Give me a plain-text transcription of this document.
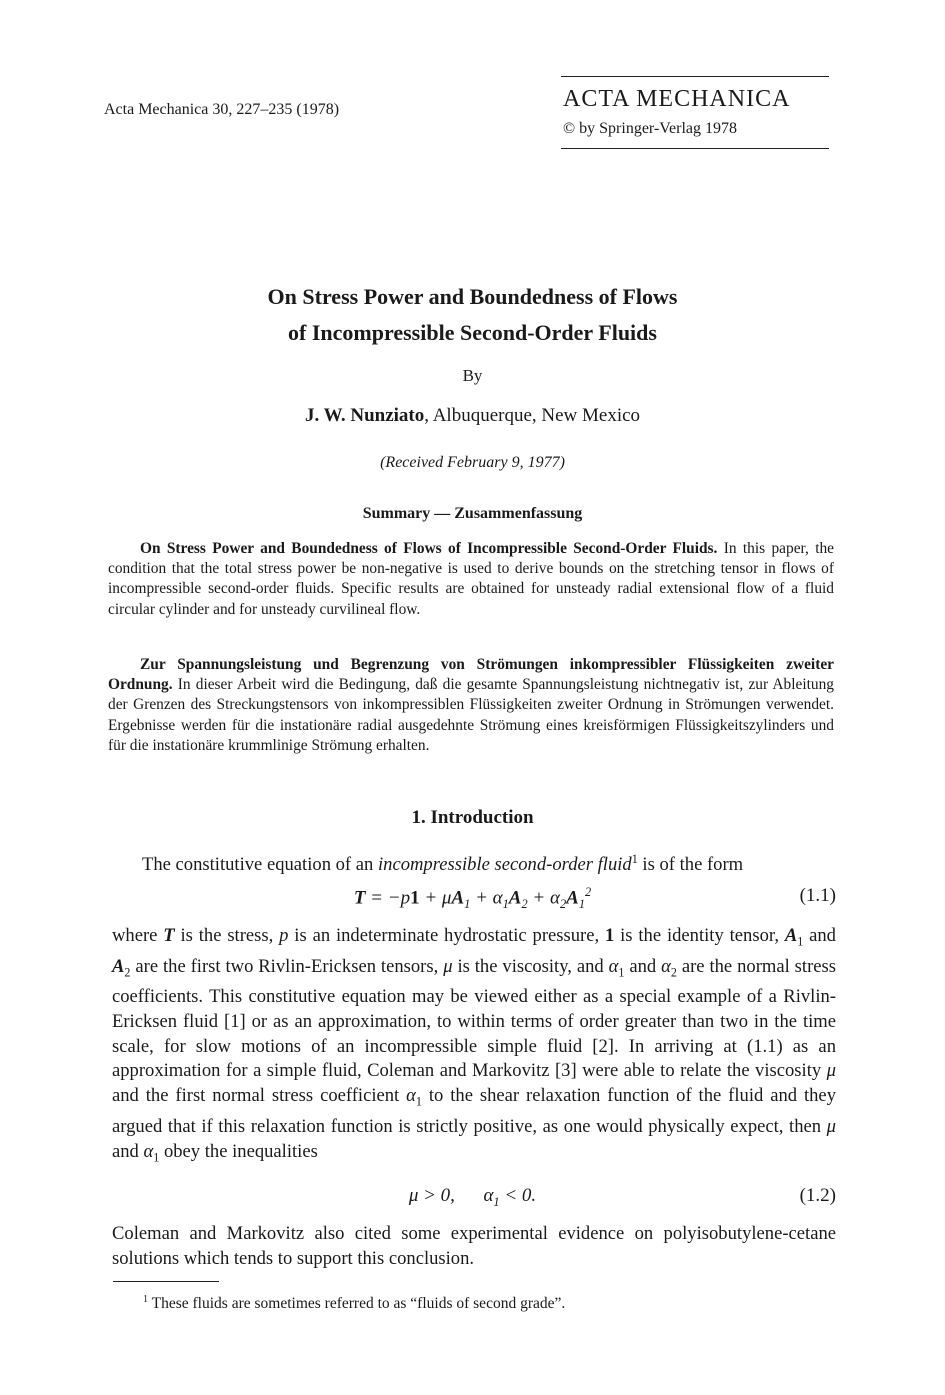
Acta Mechanica 30, 227–235 (1978)	ACTA MECHANICA
© by Springer-Verlag 1978
On Stress Power and Boundedness of Flows
of Incompressible Second-Order Fluids
By
J. W. Nunziato, Albuquerque, New Mexico
(Received February 9, 1977)
Summary — Zusammenfassung

On Stress Power and Boundedness of Flows of Incompressible Second-Order Fluids. In this paper, the condition that the total stress power be non-negative is used to derive bounds on the stretching tensor in flows of incompressible second-order fluids. Specific results are obtained for unsteady radial extensional flow of a fluid circular cylinder and for unsteady curvilineal flow.

Zur Spannungsleistung und Begrenzung von Strömungen inkompressibler Flüssigkeiten zweiter Ordnung. In dieser Arbeit wird die Bedingung, daß die gesamte Spannungsleistung nichtnegativ ist, zur Ableitung der Grenzen des Streckungstensors von inkompressiblen Flüssigkeiten zweiter Ordnung in Strömungen verwendet. Ergebnisse werden für die instationäre radial ausgedehnte Strömung eines kreisförmigen Flüssigkeitszylinders und für die instationäre krummlinige Strömung erhalten.

1. Introduction

The constitutive equation of an incompressible second-order fluid$^1$ is of the form

$T = -p1 + \mu A_1 + \alpha_1A_2 + \alpha_2A_1^2$	(1.1)

where T is the stress, p is an indeterminate hydrostatic pressure, 1 is the identity tensor, $A_1$ and $A_2$ are the first two Rivlin-Ericksen tensors, μ is the viscosity, and $\alpha_1$ and $\alpha_2$ are the normal stress coefficients. This constitutive equation may be viewed either as a special example of a Rivlin-Ericksen fluid [1] or as an approximation, to within terms of order greater than two in the time scale, for slow motions of an incompressible simple fluid [2]. In arriving at (1.1) as an approximation for a simple fluid, Coleman and Markovitz [3] were able to relate the viscosity μ and the first normal stress coefficient $\alpha_1$ to the shear relaxation function of the fluid and they argued that if this relaxation function is strictly positive, as one would physically expect, then μ and $\alpha_1$ obey the inequalities

μ > 0,      $\alpha_1 < 0$.	(1.2)

Coleman and Markovitz also cited some experimental evidence on polyisobutylene-cetane solutions which tends to support this conclusion.

$^1$ These fluids are sometimes referred to as “fluids of second grade”.
